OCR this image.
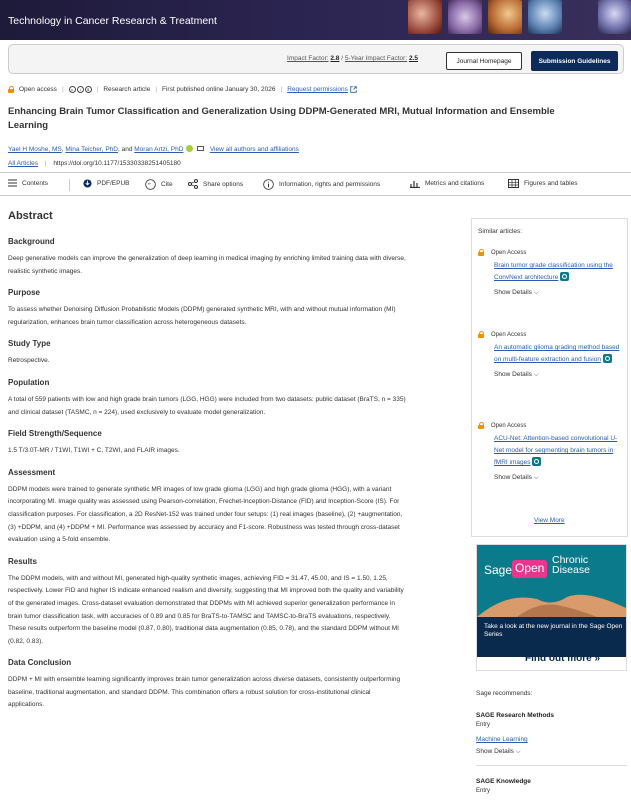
Technology in Cancer Research & Treatment
Impact Factor: 2.8 / 5-Year Impact Factor: 2.5	Journal Homepage	Submission Guidelines
Open access |	c	i	$	| Research article | First published online January 30, 2026 | Request permissions
Enhancing Brain Tumor Classification and Generalization Using DDPM-Generated MRI, Mutual Information and Ensemble Learning
Yael H Moshe, MS, Mina Teicher, PhD, and Moran Artzi, PhD	View all authors and affiliations
All Articles | https://doi.org/10.1177/15330338251405180
Contents	PDF/EPUB	” Cite	Share options	Information, rights and permissions	Metrics and citations	Figures and tables
Abstract
Background

Deep generative models can improve the generalization of deep learning in medical imaging by enriching limited training data with diverse, realistic synthetic images.

Purpose

To assess whether Denoising Diffusion Probabilistic Models (DDPM) generated synthetic MRI, with and without mutual information (MI) regularization, enhances brain tumor classification across heterogeneous datasets.

Study Type

Retrospective.

Population

A total of 559 patients with low and high grade brain tumors (LGG, HGG) were included from two datasets: public dataset (BraTS, n = 335) and clinical dataset (TASMC, n = 224), used exclusively to evaluate model generalization.

Field Strength/Sequence

1.5 T/3.0T-MR / T1WI, T1WI + C, T2WI, and FLAIR images.

Assessment

DDPM models were trained to generate synthetic MR images of low grade glioma (LGG) and high grade glioma (HGG), with a variant incorporating MI. Image quality was assessed using Pearson-correlation, Frechet-Inception-Distance (FID) and Inception-Score (IS). For classification purposes. For classification, a 2D ResNet-152 was trained under four setups: (1) real images (baseline), (2) +augmentation, (3) +DDPM, and (4) +DDPM + MI. Performance was assessed by accuracy and F1-score. Robustness was tested through cross-dataset evaluation using a 5-fold ensemble.

Results

The DDPM models, with and without MI, generated high-quality synthetic images, achieving FID = 31.47, 45.00, and IS = 1.50, 1.25, respectively. Lower FID and higher IS indicate enhanced realism and diversity, suggesting that MI improved both the quality and variability of the generated images. Cross-dataset evaluation demonstrated that DDPMs with MI achieved superior generalization performance in brain tumor classification task, with accuracies of 0.89 and 0.85 for BraTS-to-TAMSC and TAMSC-to-BraTS evaluations, respectively. These results outperform the baseline model (0.87, 0.80), traditional data augmentation (0.85, 0.78), and the standard DDPM without MI (0.82, 0.83).

Data Conclusion

DDPM + MI with ensemble learning significantly improves brain tumor generalization across diverse datasets, consistently outperforming baseline, traditional augmentation, and standard DDPM. This combination offers a robust solution for cross-institutional clinical applications.

Similar articles:
Open Access
Brain tumor grade classification using the ConvNext architecture
Show Details ⌵
Open Access
An automatic glioma grading method based on multi-feature extraction and fusion
Show Details ⌵
Open Access
ACU-Net: Attention-based convolutional U-Net model for segmenting brain tumors in fMRI images
Show Details ⌵
View More
Sage Open
Chronic
Disease
Take a look at the new journal in the Sage Open Series
Find out more »
Sage recommends:
SAGE Research Methods
Entry
Machine Learning
Show Details ⌵
SAGE Knowledge
Entry
